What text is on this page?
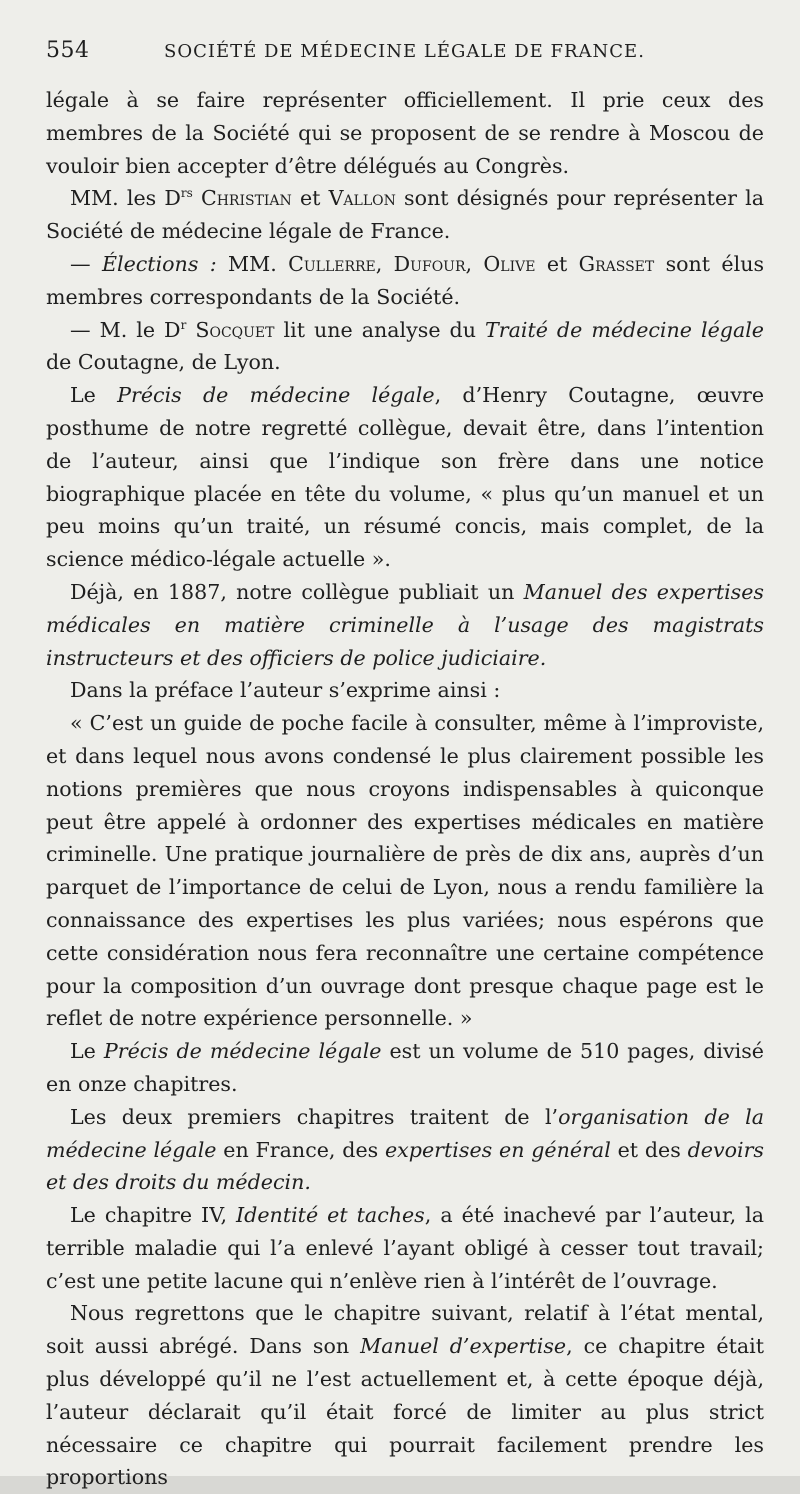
554	SOCIÉTÉ DE MÉDECINE LÉGALE DE FRANCE.

légale à se faire représenter officiellement. Il prie ceux des membres de la Société qui se proposent de se rendre à Moscou de vouloir bien accepter d’être délégués au Congrès.

MM. les $D^{rs}$ Christian et Vallon sont désignés pour représenter la Société de médecine légale de France.

— Élections : MM. Cullerre, Dufour, Olive et Grasset sont élus membres correspondants de la Société.

— M. le $D^r$ Socquet lit une analyse du Traité de médecine légale de Coutagne, de Lyon.

Le Précis de médecine légale, d’Henry Coutagne, œuvre posthume de notre regretté collègue, devait être, dans l’intention de l’auteur, ainsi que l’indique son frère dans une notice biographique placée en tête du volume, « plus qu’un manuel et un peu moins qu’un traité, un résumé concis, mais complet, de la science médico-légale actuelle ».

Déjà, en 1887, notre collègue publiait un Manuel des expertises médicales en matière criminelle à l’usage des magistrats instructeurs et des officiers de police judiciaire.

Dans la préface l’auteur s’exprime ainsi :

« C’est un guide de poche facile à consulter, même à l’improviste, et dans lequel nous avons condensé le plus clairement possible les notions premières que nous croyons indispensables à quiconque peut être appelé à ordonner des expertises médicales en matière criminelle. Une pratique journalière de près de dix ans, auprès d’un parquet de l’importance de celui de Lyon, nous a rendu familière la connaissance des expertises les plus variées; nous espérons que cette considération nous fera reconnaître une certaine compétence pour la composition d’un ouvrage dont presque chaque page est le reflet de notre expérience personnelle. »

Le Précis de médecine légale est un volume de 510 pages, divisé en onze chapitres.

Les deux premiers chapitres traitent de l’organisation de la médecine légale en France, des expertises en général et des devoirs et des droits du médecin.

Le chapitre IV, Identité et taches, a été inachevé par l’auteur, la terrible maladie qui l’a enlevé l’ayant obligé à cesser tout travail; c’est une petite lacune qui n’enlève rien à l’intérêt de l’ouvrage.

Nous regrettons que le chapitre suivant, relatif à l’état mental, soit aussi abrégé. Dans son Manuel d’expertise, ce chapitre était plus développé qu’il ne l’est actuellement et, à cette époque déjà, l’auteur déclarait qu’il était forcé de limiter au plus strict nécessaire ce chapitre qui pourrait facilement prendre les proportions
